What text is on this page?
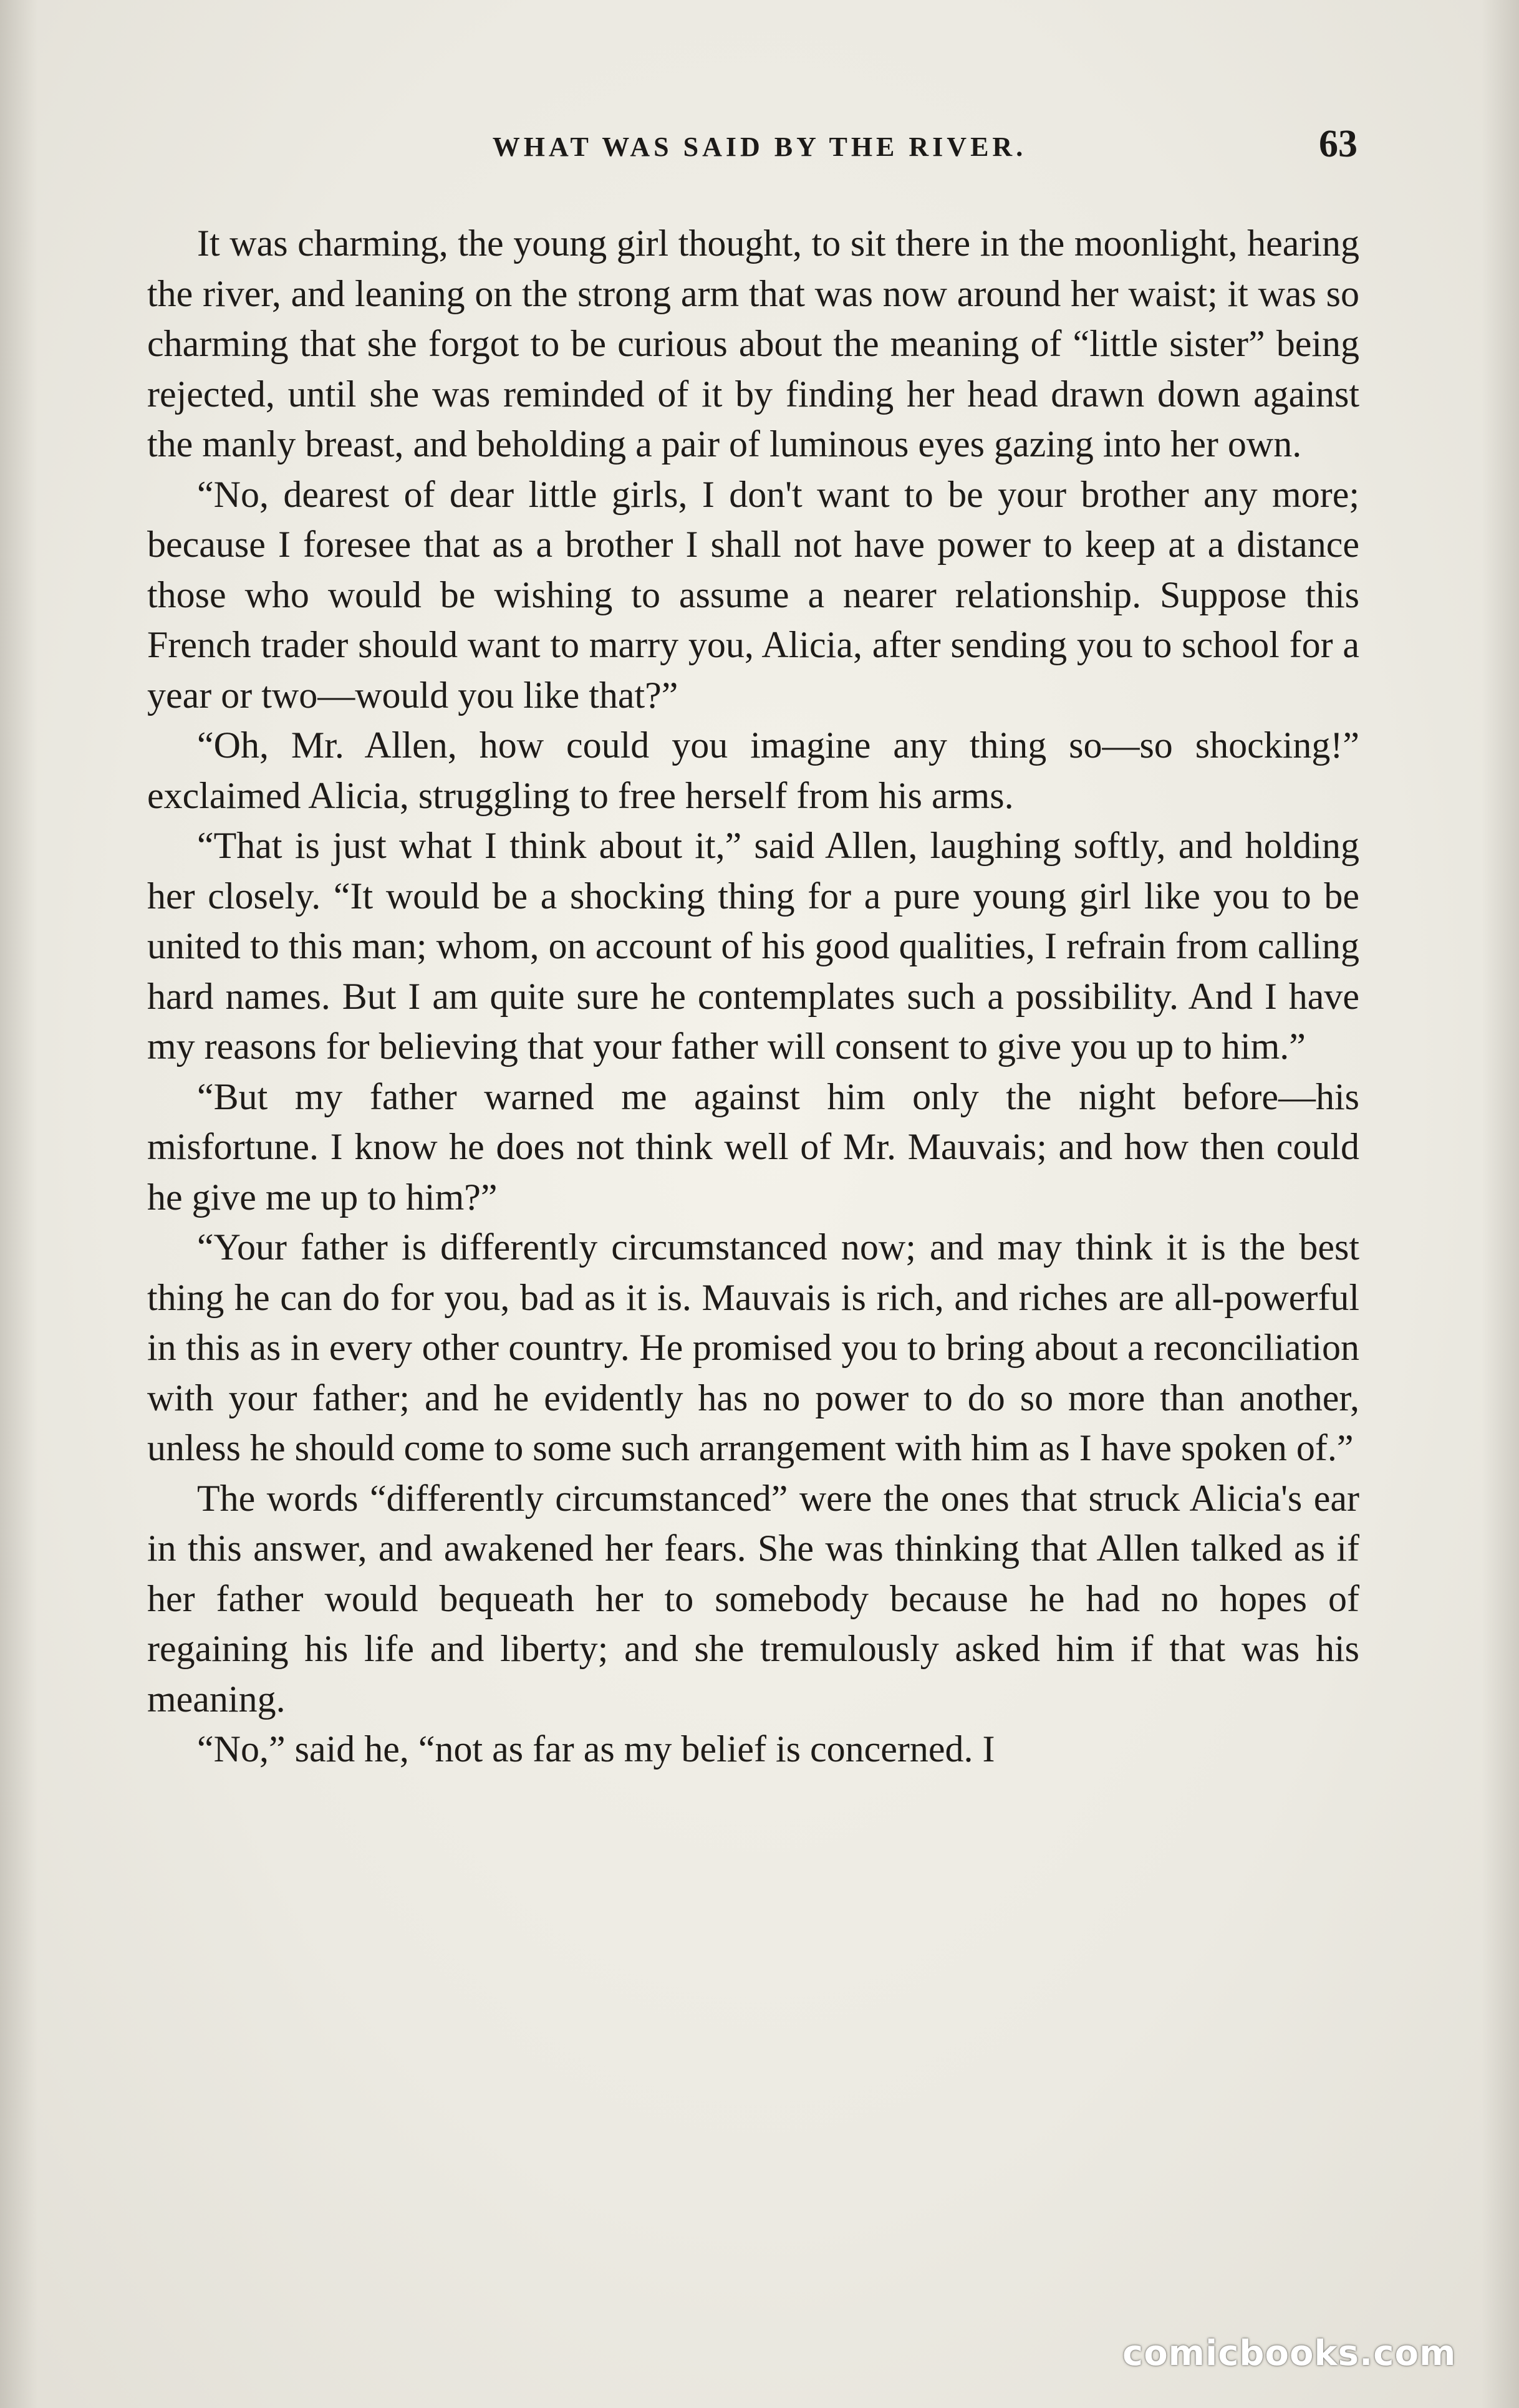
WHAT WAS SAID BY THE RIVER.	63

It was charming, the young girl thought, to sit there in the moonlight, hearing the river, and leaning on the strong arm that was now around her waist; it was so charming that she forgot to be curious about the meaning of “little sister” being rejected, until she was reminded of it by finding her head drawn down against the manly breast, and beholding a pair of luminous eyes gazing into her own.

“No, dearest of dear little girls, I don't want to be your brother any more; because I foresee that as a brother I shall not have power to keep at a distance those who would be wishing to assume a nearer relationship. Suppose this French trader should want to marry you, Alicia, after sending you to school for a year or two—would you like that?”

“Oh, Mr. Allen, how could you imagine any thing so—so shocking!” exclaimed Alicia, struggling to free herself from his arms.

“That is just what I think about it,” said Allen, laughing softly, and holding her closely. “It would be a shocking thing for a pure young girl like you to be united to this man; whom, on account of his good qualities, I refrain from calling hard names. But I am quite sure he contemplates such a possibility. And I have my reasons for believing that your father will consent to give you up to him.”

“But my father warned me against him only the night before—his misfortune. I know he does not think well of Mr. Mauvais; and how then could he give me up to him?”

“Your father is differently circumstanced now; and may think it is the best thing he can do for you, bad as it is. Mauvais is rich, and riches are all-powerful in this as in every other country. He promised you to bring about a reconciliation with your father; and he evidently has no power to do so more than another, unless he should come to some such arrangement with him as I have spoken of.”

The words “differently circumstanced” were the ones that struck Alicia's ear in this answer, and awakened her fears. She was thinking that Allen talked as if her father would bequeath her to somebody because he had no hopes of regaining his life and liberty; and she tremulously asked him if that was his meaning.

“No,” said he, “not as far as my belief is concerned. I

comicbooks.com
